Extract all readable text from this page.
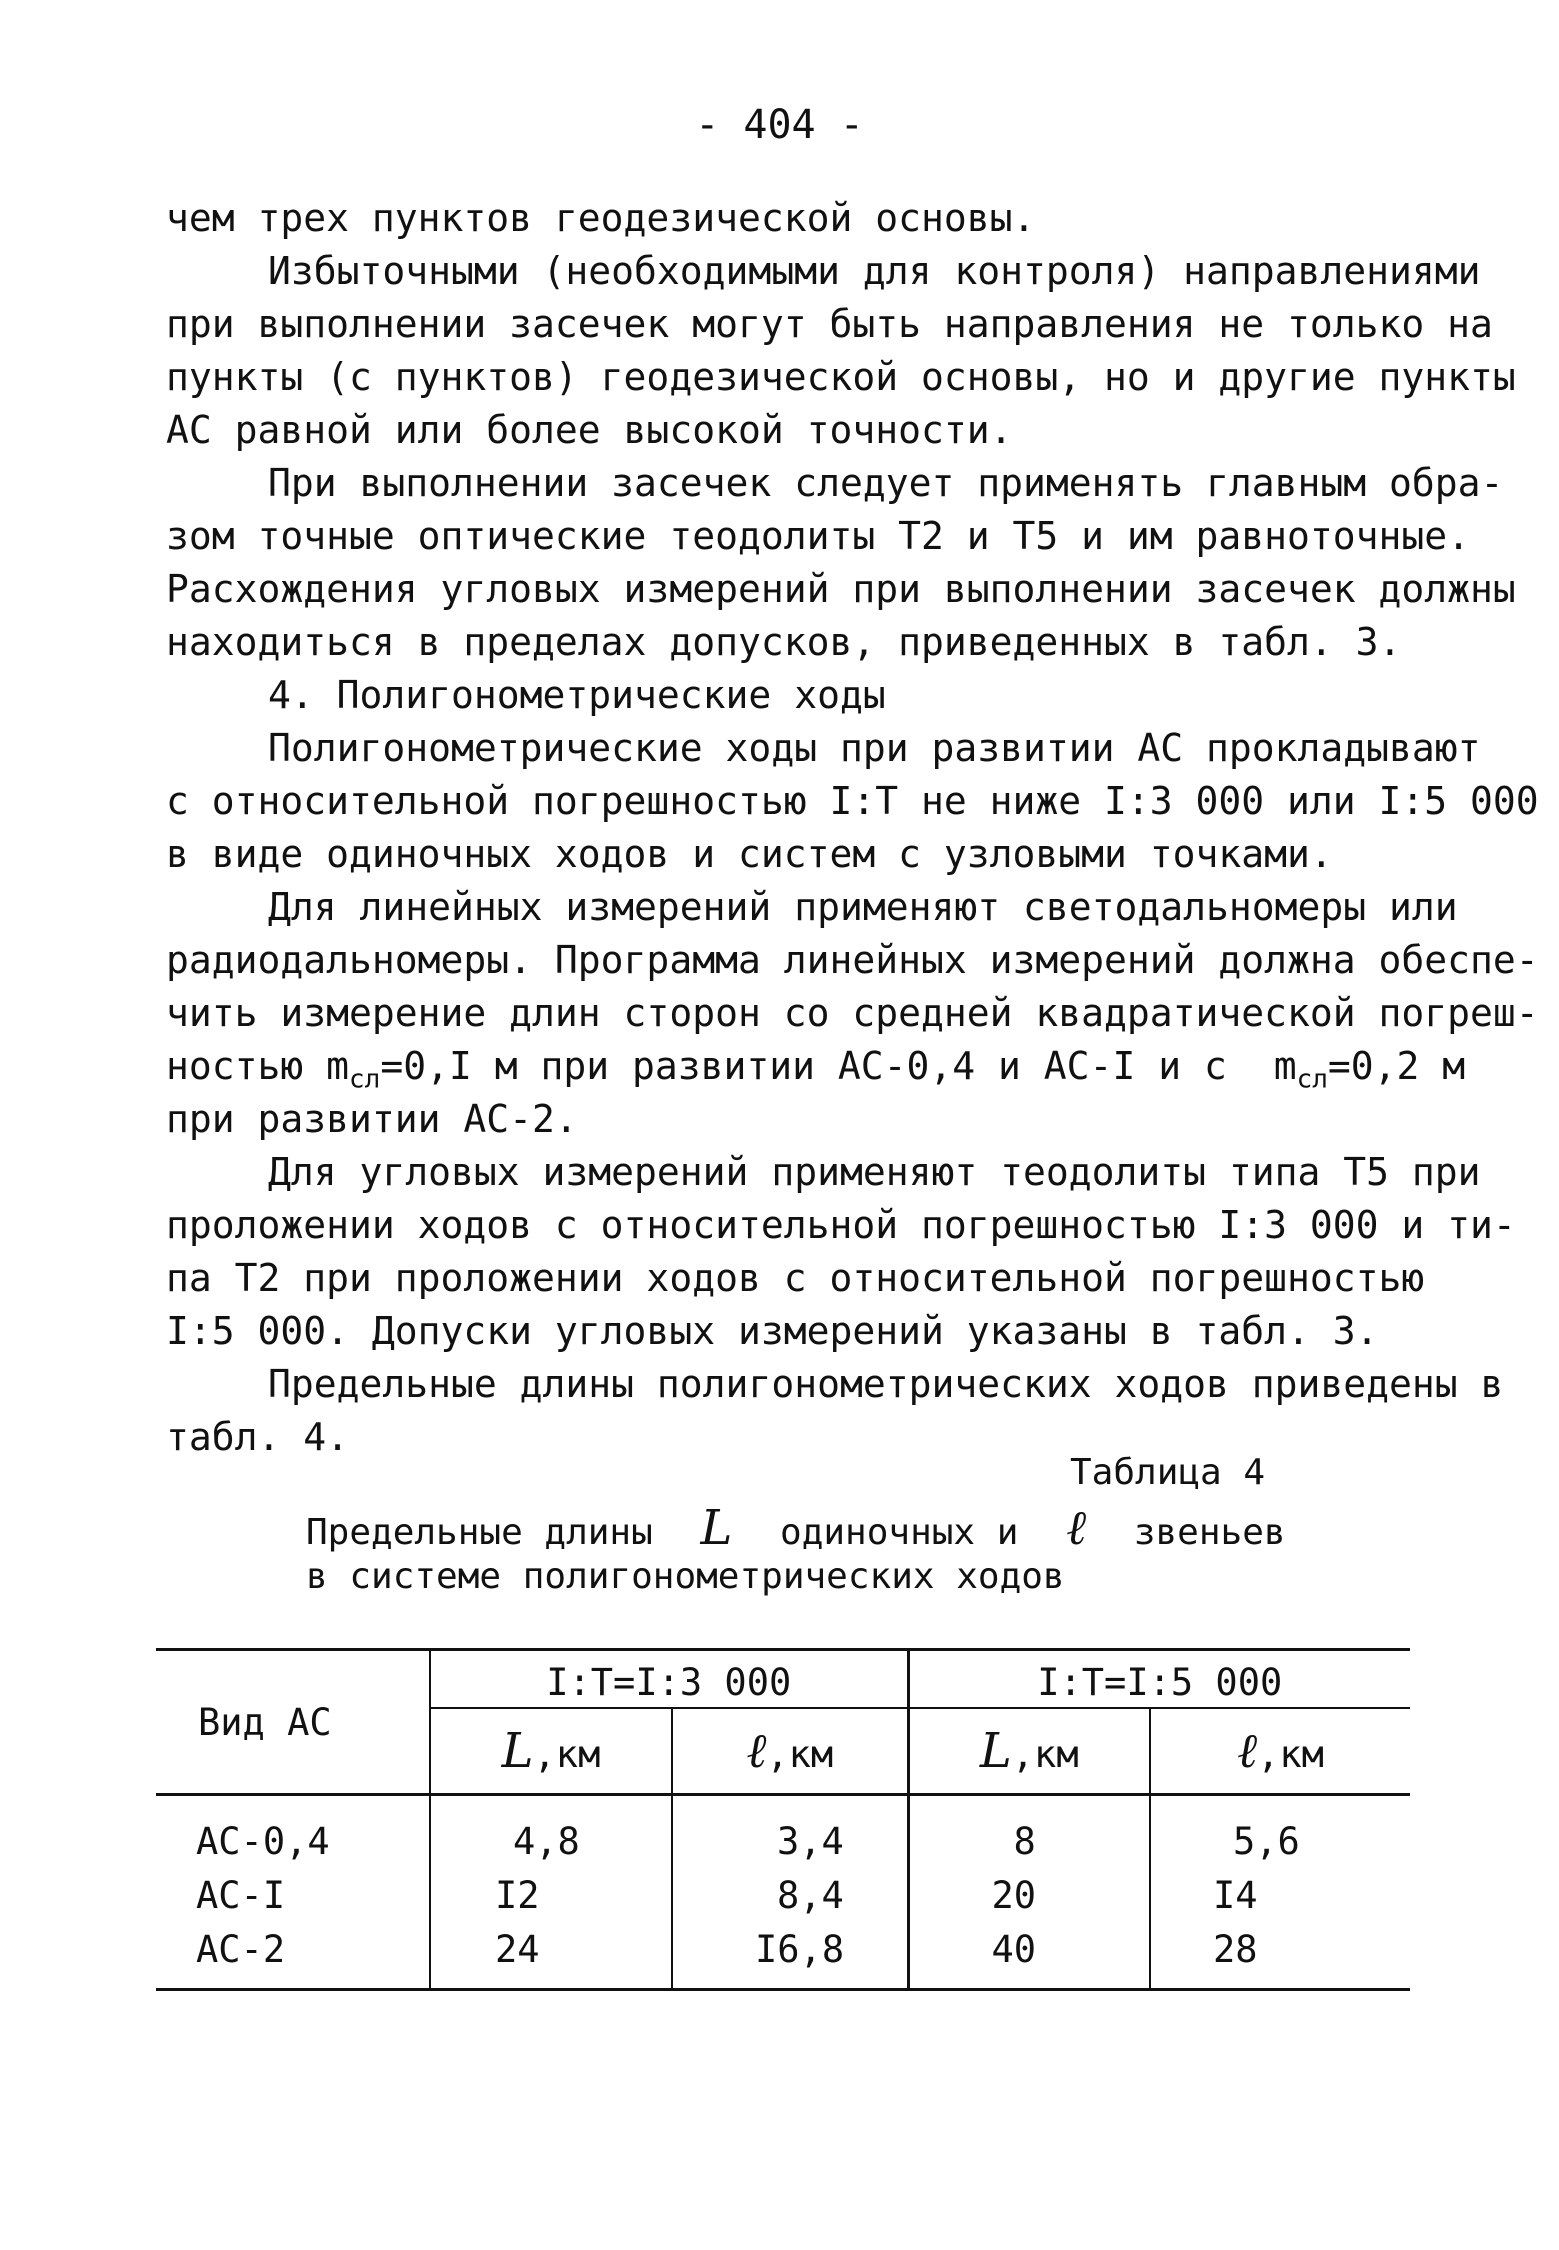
- 404 -
чем трех пунктов геодезической основы.
Избыточными (необходимыми для контроля) направлениями
при выполнении засечек могут быть направления не только на
пункты (с пунктов) геодезической основы, но и другие пункты
АС равной или более высокой точности.
При выполнении засечек следует применять главным обра-
зом точные оптические теодолиты Т2 и Т5 и им равноточные.
Расхождения угловых измерений при выполнении засечек должны
находиться в пределах допусков, приведенных в табл. 3.
4. Полигонометрические ходы
Полигонометрические ходы при развитии АС прокладывают
с относительной погрешностью I:Т не ниже I:3 000 или I:5 000
в виде одиночных ходов и систем с узловыми точками.
Для линейных измерений применяют светодальномеры или
радиодальномеры. Программа линейных измерений должна обеспе-
чить измерение длин сторон со средней квадратической погреш-
ностью $m_{сл}=0,I$ м при развитии АС-0,4 и АС-I и с $m_{сл}=0,2$ м
при развитии АС-2.
Для угловых измерений применяют теодолиты типа Т5 при
проложении ходов с относительной погрешностью I:3 000 и ти-
па Т2 при проложении ходов с относительной погрешностью
I:5 000. Допуски угловых измерений указаны в табл. 3.
Предельные длины полигонометрических ходов приведены в
табл. 4.
Таблица 4
Предельные длины L одиночных и ℓ звеньев
в системе полигонометрических ходов
Вид АС	I:Т=I:3 000		I:Т=I:5 000	
	L,км	ℓ,км	L,км	ℓ,км
АС-0,4	4,8	3,4	8	5,6
АС-I	I2	8,4	20	I4
АС-2	24	I6,8	40	28
